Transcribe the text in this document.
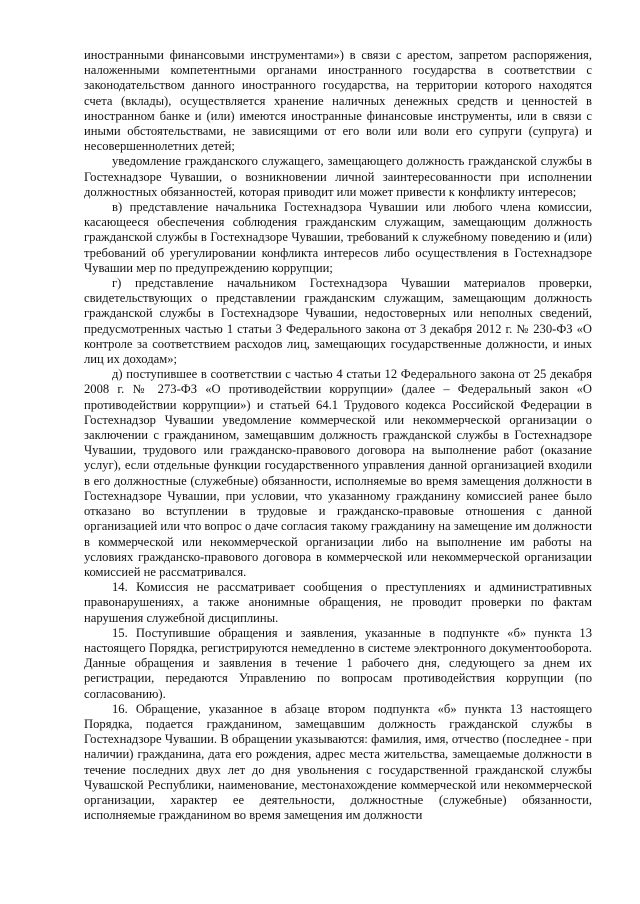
иностранными финансовыми инструментами») в связи с арестом, запретом распоряжения, наложенными компетентными органами иностранного государства в соответствии с законодательством данного иностранного государства, на территории которого находятся счета (вклады), осуществляется хранение наличных денежных средств и ценностей в иностранном банке и (или) имеются иностранные финансовые инструменты, или в связи с иными обстоятельствами, не зависящими от его воли или воли его супруги (супруга) и несовершеннолетних детей;

уведомление гражданского служащего, замещающего должность гражданской службы в Гостехнадзоре Чувашии, о возникновении личной заинтересованности при исполнении должностных обязанностей, которая приводит или может привести к конфликту интересов;

в) представление начальника Гостехнадзора Чувашии или любого члена комиссии, касающееся обеспечения соблюдения гражданским служащим, замещающим должность гражданской службы в Гостехнадзоре Чувашии, требований к служебному поведению и (или) требований об урегулировании конфликта интересов либо осуществления в Гостехнадзоре Чувашии мер по предупреждению коррупции;

г) представление начальником Гостехнадзора Чувашии материалов проверки, свидетельствующих о представлении гражданским служащим, замещающим должность гражданской службы в Гостехнадзоре Чувашии, недостоверных или неполных сведений, предусмотренных частью 1 статьи 3 Федерального закона от 3 декабря 2012 г. № 230-ФЗ «О контроле за соответствием расходов лиц, замещающих государственные должности, и иных лиц их доходам»;

д) поступившее в соответствии с частью 4 статьи 12 Федерального закона от 25 декабря 2008 г. № 273-ФЗ «О противодействии коррупции» (далее – Федеральный закон «О противодействии коррупции») и статьей 64.1 Трудового кодекса Российской Федерации в Гостехнадзор Чувашии уведомление коммерческой или некоммерческой организации о заключении с гражданином, замещавшим должность гражданской службы в Гостехнадзоре Чувашии, трудового или гражданско-правового договора на выполнение работ (оказание услуг), если отдельные функции государственного управления данной организацией входили в его должностные (служебные) обязанности, исполняемые во время замещения должности в Гостехнадзоре Чувашии, при условии, что указанному гражданину комиссией ранее было отказано во вступлении в трудовые и гражданско-правовые отношения с данной организацией или что вопрос о даче согласия такому гражданину на замещение им должности в коммерческой или некоммерческой организации либо на выполнение им работы на условиях гражданско-правового договора в коммерческой или некоммерческой организации комиссией не рассматривался.

14. Комиссия не рассматривает сообщения о преступлениях и административных правонарушениях, а также анонимные обращения, не проводит проверки по фактам нарушения служебной дисциплины.

15. Поступившие обращения и заявления, указанные в подпункте «б» пункта 13 настоящего Порядка, регистрируются немедленно в системе электронного документооборота. Данные обращения и заявления в течение 1 рабочего дня, следующего за днем их регистрации, передаются Управлению по вопросам противодействия коррупции (по согласованию).

16. Обращение, указанное в абзаце втором подпункта «б» пункта 13 настоящего Порядка, подается гражданином, замещавшим должность гражданской службы в Гостехнадзоре Чувашии. В обращении указываются: фамилия, имя, отчество (последнее - при наличии) гражданина, дата его рождения, адрес места жительства, замещаемые должности в течение последних двух лет до дня увольнения с государственной гражданской службы Чувашской Республики, наименование, местонахождение коммерческой или некоммерческой организации, характер ее деятельности, должностные (служебные) обязанности, исполняемые гражданином во время замещения им должности
